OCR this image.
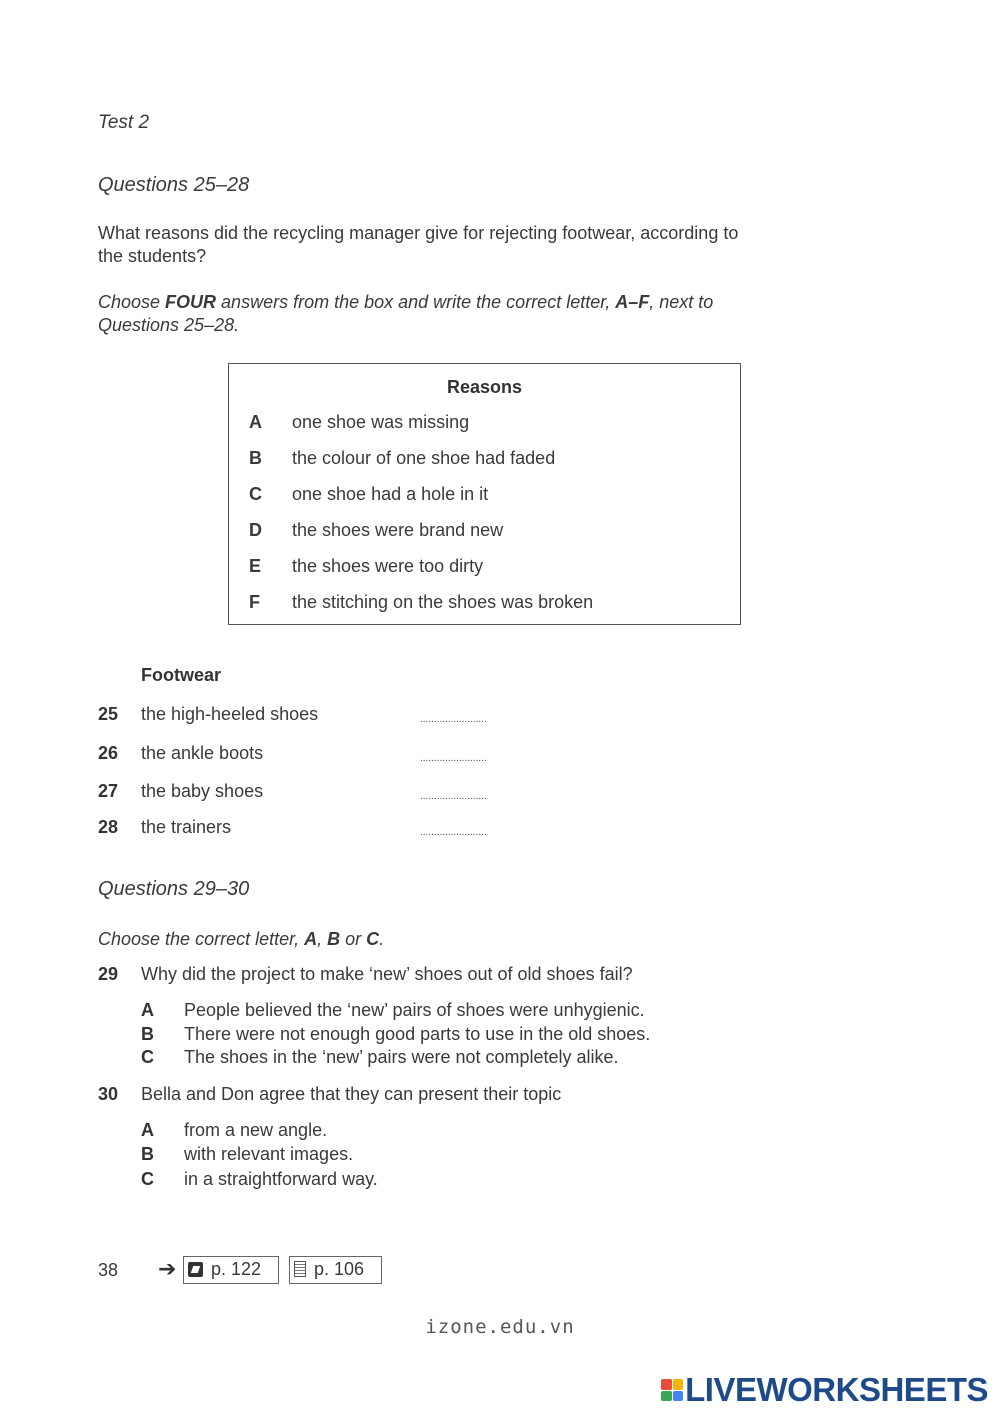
Test 2
Questions 25–28
What reasons did the recycling manager give for rejecting footwear, according to
the students?
Choose FOUR answers from the box and write the correct letter, A–F, next to
Questions 25–28.
Reasons
A one shoe was missing
B the colour of one shoe had faded
C one shoe had a hole in it
D the shoes were brand new
E the shoes were too dirty
F the stitching on the shoes was broken
Footwear
25 the high-heeled shoes	........................
26 the ankle boots	........................
27 the baby shoes	........................
28 the trainers	........................
Questions 29–30
Choose the correct letter, A, B or C.
29 Why did the project to make ‘new’ shoes out of old shoes fail?
A People believed the ‘new’ pairs of shoes were unhygienic.
B There were not enough good parts to use in the old shoes.
C The shoes in the ‘new’ pairs were not completely alike.
30 Bella and Don agree that they can present their topic
A from a new angle.
B with relevant images.
C in a straightforward way.
38 ➔	p. 122	p. 106
izone.edu.vn
LIVEWORKSHEETS
